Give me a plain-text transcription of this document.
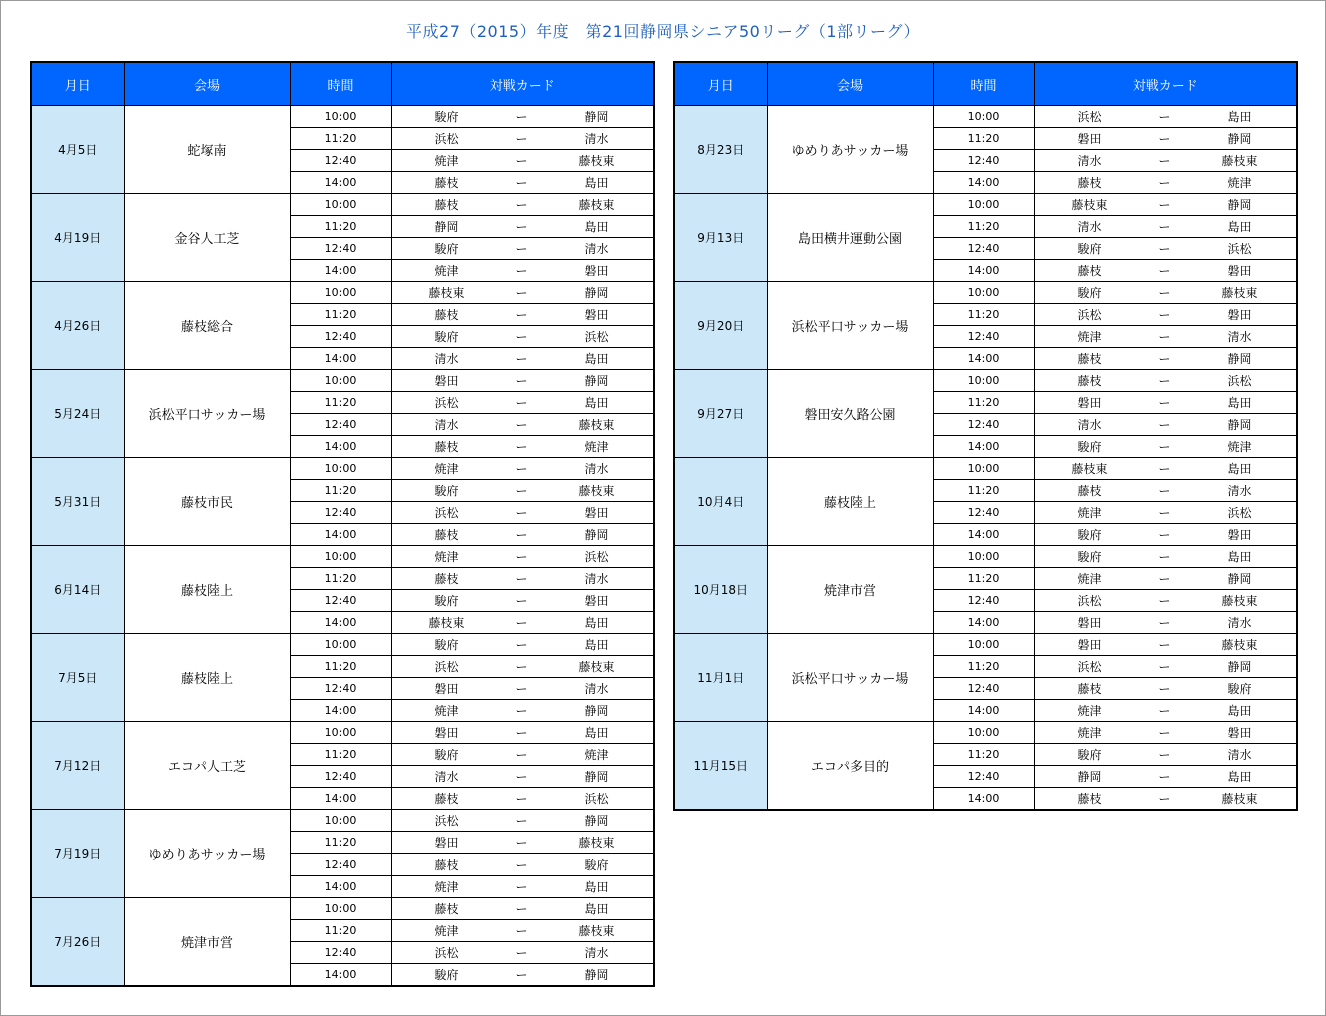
平成27（2015）年度　第21回静岡県シニア50リーグ（1部リーグ）
月日	会場	時間	対戦カード
4月5日	蛇塚南	10:00	駿府 ー 静岡

		11:20	浜松 ー 清水

		12:40	焼津 ー 藤枝東

		14:00	藤枝 ー 島田

4月19日	金谷人工芝	10:00	藤枝 ー 藤枝東

		11:20	静岡 ー 島田

		12:40	駿府 ー 清水

		14:00	焼津 ー 磐田

4月26日	藤枝総合	10:00	藤枝東 ー 静岡

		11:20	藤枝 ー 磐田

		12:40	駿府 ー 浜松

		14:00	清水 ー 島田

5月24日	浜松平口サッカー場	10:00	磐田 ー 静岡

		11:20	浜松 ー 島田

		12:40	清水 ー 藤枝東

		14:00	藤枝 ー 焼津

5月31日	藤枝市民	10:00	焼津 ー 清水

		11:20	駿府 ー 藤枝東

		12:40	浜松 ー 磐田

		14:00	藤枝 ー 静岡

6月14日	藤枝陸上	10:00	焼津 ー 浜松

		11:20	藤枝 ー 清水

		12:40	駿府 ー 磐田

		14:00	藤枝東 ー 島田

7月5日	藤枝陸上	10:00	駿府 ー 島田

		11:20	浜松 ー 藤枝東

		12:40	磐田 ー 清水

		14:00	焼津 ー 静岡

7月12日	エコパ人工芝	10:00	磐田 ー 島田

		11:20	駿府 ー 焼津

		12:40	清水 ー 静岡

		14:00	藤枝 ー 浜松

7月19日	ゆめりあサッカー場	10:00	浜松 ー 静岡

		11:20	磐田 ー 藤枝東

		12:40	藤枝 ー 駿府

		14:00	焼津 ー 島田

7月26日	焼津市営	10:00	藤枝 ー 島田

		11:20	焼津 ー 藤枝東

		12:40	浜松 ー 清水

		14:00	駿府 ー 静岡
月日	会場	時間	対戦カード
8月23日	ゆめりあサッカー場	10:00	浜松 ー 島田

		11:20	磐田 ー 静岡

		12:40	清水 ー 藤枝東

		14:00	藤枝 ー 焼津

9月13日	島田横井運動公園	10:00	藤枝東 ー 静岡

		11:20	清水 ー 島田

		12:40	駿府 ー 浜松

		14:00	藤枝 ー 磐田

9月20日	浜松平口サッカー場	10:00	駿府 ー 藤枝東

		11:20	浜松 ー 磐田

		12:40	焼津 ー 清水

		14:00	藤枝 ー 静岡

9月27日	磐田安久路公園	10:00	藤枝 ー 浜松

		11:20	磐田 ー 島田

		12:40	清水 ー 静岡

		14:00	駿府 ー 焼津

10月4日	藤枝陸上	10:00	藤枝東 ー 島田

		11:20	藤枝 ー 清水

		12:40	焼津 ー 浜松

		14:00	駿府 ー 磐田

10月18日	焼津市営	10:00	駿府 ー 島田

		11:20	焼津 ー 静岡

		12:40	浜松 ー 藤枝東

		14:00	磐田 ー 清水

11月1日	浜松平口サッカー場	10:00	磐田 ー 藤枝東

		11:20	浜松 ー 静岡

		12:40	藤枝 ー 駿府

		14:00	焼津 ー 島田

11月15日	エコパ多目的	10:00	焼津 ー 磐田

		11:20	駿府 ー 清水

		12:40	静岡 ー 島田

		14:00	藤枝 ー 藤枝東
